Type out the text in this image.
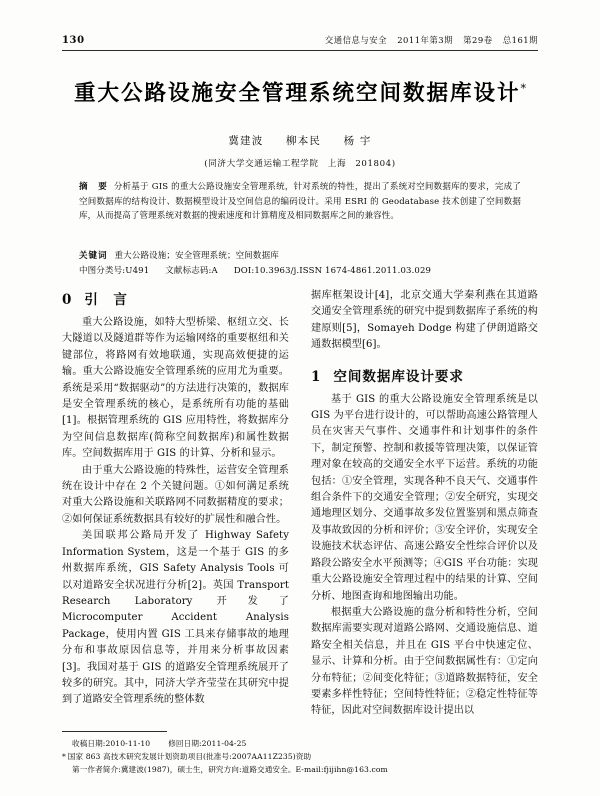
130	交通信息与安全 2011年第3期 第29卷 总161期
重大公路设施安全管理系统空间数据库设计*
冀建波 柳本民 杨 宇
(同济大学交通运输工程学院　上海　201804)

摘　要 分析基于 GIS 的重大公路设施安全管理系统，针对系统的特性，提出了系统对空间数据库的要求，完成了空间数据库的结构设计、数据模型设计及空间信息的编码设计。采用 ESRI 的 Geodatabase 技术创建了空间数据库，从而提高了管理系统对数据的搜索速度和计算精度及相同数据库之间的兼容性。

关键词 重大公路设施；安全管理系统；空间数据库
中图分类号:U491 文献标志码:A DOI:10.3963/j.ISSN 1674-4861.2011.03.029
0 引　言

重大公路设施，如特大型桥梁、枢纽立交、长大隧道以及隧道群等作为运输网络的重要枢纽和关键部位，将路网有效地联通，实现高效便捷的运输。重大公路设施安全管理系统的应用尤为重要。系统是采用“数据驱动”的方法进行决策的，数据库是安全管理系统的核心，是系统所有功能的基础[1]。根据管理系统的 GIS 应用特性，将数据库分为空间信息数据库(简称空间数据库)和属性数据库。空间数据库用于 GIS 的计算、分析和显示。

由于重大公路设施的特殊性，运营安全管理系统在设计中存在 2 个关键问题。①如何满足系统对重大公路设施和关联路网不同数据精度的要求；②如何保证系统数据具有较好的扩展性和融合性。

美国联邦公路局开发了 Highway Safety Information System，这是一个基于 GIS 的多州数据库系统，GIS Safety Analysis Tools 可以对道路安全状况进行分析[2]。英国 Transport Research Laboratory 开发了 Microcomputer Accident Analysis Package，使用内置 GIS 工具来存储事故的地理分布和事故原因信息等，并用来分析事故因素[3]。我国对基于 GIS 的道路安全管理系统展开了较多的研究。其中，同济大学齐莹莹在其研究中提到了道路安全管理系统的整体数

据库框架设计[4]，北京交通大学秦利燕在其道路交通安全管理系统的研究中提到数据库子系统的构建原则[5]，Somayeh Dodge 构建了伊朗道路交通数据模型[6]。

1 空间数据库设计要求

基于 GIS 的重大公路设施安全管理系统是以 GIS 为平台进行设计的，可以帮助高速公路管理人员在灾害天气事件、交通事件和计划事件的条件下，制定预警、控制和救援等管理决策，以保证管理对象在较高的交通安全水平下运营。系统的功能包括：①安全管理，实现各种不良天气、交通事件组合条件下的交通安全管理；②安全研究，实现交通地理区划分、交通事故多发位置鉴别和黑点筛查及事故致因的分析和评价；③安全评价，实现安全设施技术状态评估、高速公路安全性综合评价以及路段公路安全水平预测等；④GIS 平台功能：实现重大公路设施安全管理过程中的结果的计算、空间分析、地图查询和地图输出功能。

根据重大公路设施的盘分析和特性分析，空间数据库需要实现对道路公路网、交通设施信息、道路安全相关信息，并且在 GIS 平台中快速定位、显示、计算和分析。由于空间数据属性有：①定向分布特征；②间变化特征；③道路数据特征，安全要素多样性特征；空间特性特征；②稳定性特征等特征，因此对空间数据库设计提出以

收稿日期:2010-11-10 修回日期:2011-04-25
* 国家 863 高技术研究发展计划资助项目(批准号:2007AA11Z235)资助
第一作者简介:冀建波(1987)，硕士生，研究方向:道路交通安全。E-mail:fjijihn@163.com
